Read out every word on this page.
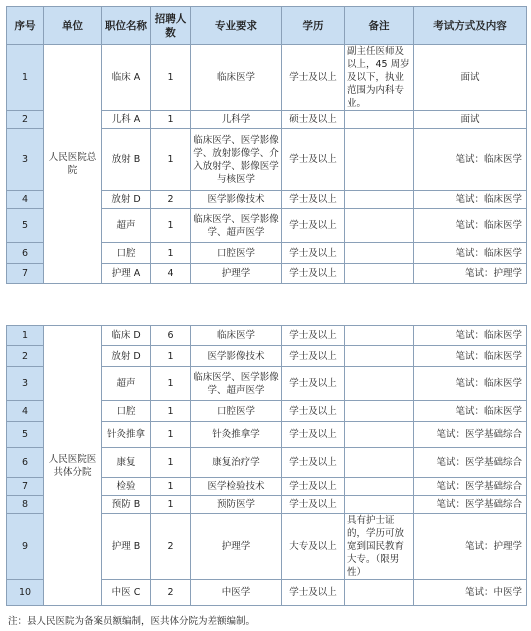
序号	单位	职位名称	招聘人数	专业要求	学历	备注	考试方式及内容
1	人民医院总院	临床 A	1	临床医学	学士及以上	副主任医师及以上，45 周岁及以下，执业范围为内科专业。	面试
2		儿科 A	1	儿科学	硕士及以上		面试
3		放射 B	1	临床医学、医学影像学、放射影像学、介入放射学、影像医学与核医学	学士及以上		笔试：临床医学
4		放射 D	2	医学影像技术	学士及以上		笔试：临床医学
5		超声	1	临床医学、医学影像学、超声医学	学士及以上		笔试：临床医学
6		口腔	1	口腔医学	学士及以上		笔试：临床医学
7		护理 A	4	护理学	学士及以上		笔试：护理学
1	人民医院医共体分院	临床 D	6	临床医学	学士及以上		笔试：临床医学
2		放射 D	1	医学影像技术	学士及以上		笔试：临床医学
3		超声	1	临床医学、医学影像学、超声医学	学士及以上		笔试：临床医学
4		口腔	1	口腔医学	学士及以上		笔试：临床医学
5		针灸推拿	1	针灸推拿学	学士及以上		笔试：医学基础综合
6		康复	1	康复治疗学	学士及以上		笔试：医学基础综合
7		检验	1	医学检验技术	学士及以上		笔试：医学基础综合
8		预防 B	1	预防医学	学士及以上		笔试：医学基础综合
9		护理 B	2	护理学	大专及以上	具有护士证的，学历可放宽到国民教育大专。（限男性）	笔试：护理学
10		中医 C	2	中医学	学士及以上		笔试：中医学
注：县人民医院为备案员额编制，医共体分院为差额编制。
